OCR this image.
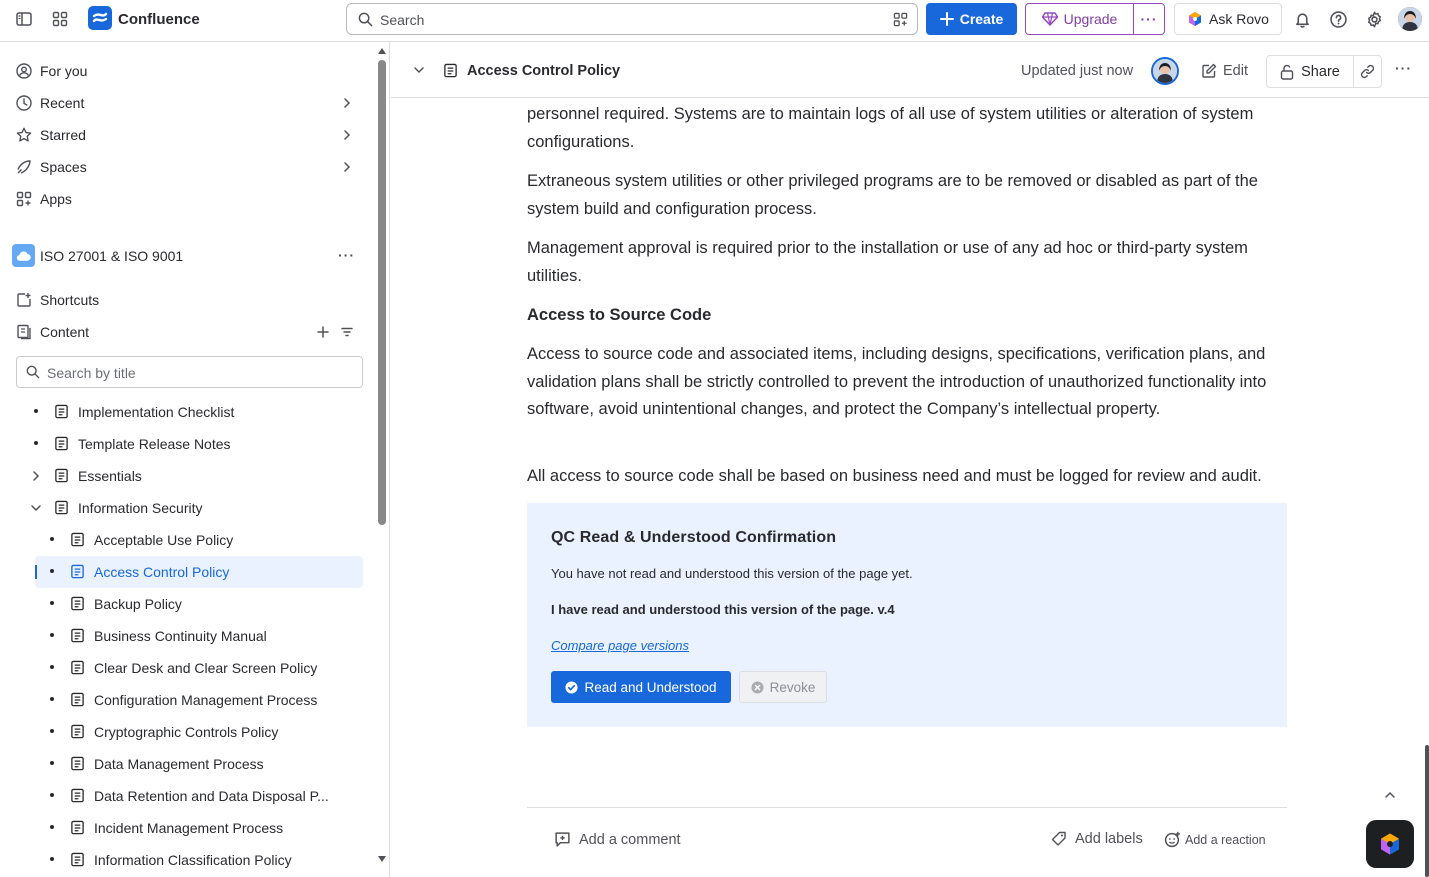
Confluence	Search	Create	Upgrade	···	Ask Rovo
For you
Recent
Starred
Spaces
Apps
ISO 27001 & ISO 9001	···
Shortcuts
Content
Search by title
Implementation Checklist
Template Release Notes
Essentials
Information Security
Acceptable Use Policy
Access Control Policy
Backup Policy
Business Continuity Manual
Clear Desk and Clear Screen Policy
Configuration Management Process
Cryptographic Controls Policy
Data Management Process
Data Retention and Data Disposal P...
Incident Management Process
Information Classification Policy
Access Control Policy	Updated just now	Edit	Share	···
personnel required. Systems are to maintain logs of all use of system utilities or alteration of system configurations.
Extraneous system utilities or other privileged programs are to be removed or disabled as part of the system build and configuration process.
Management approval is required prior to the installation or use of any ad hoc or third-party system utilities.
Access to Source Code
Access to source code and associated items, including designs, specifications, verification plans, and validation plans shall be strictly controlled to prevent the introduction of unauthorized functionality into software, avoid unintentional changes, and protect the Company’s intellectual property.
All access to source code shall be based on business need and must be logged for review and audit.
QC Read & Understood Confirmation
You have not read and understood this version of the page yet.
I have read and understood this version of the page. v.4
Compare page versions
Read and Understood	Revoke
Add a comment	Add labels	Add a reaction
